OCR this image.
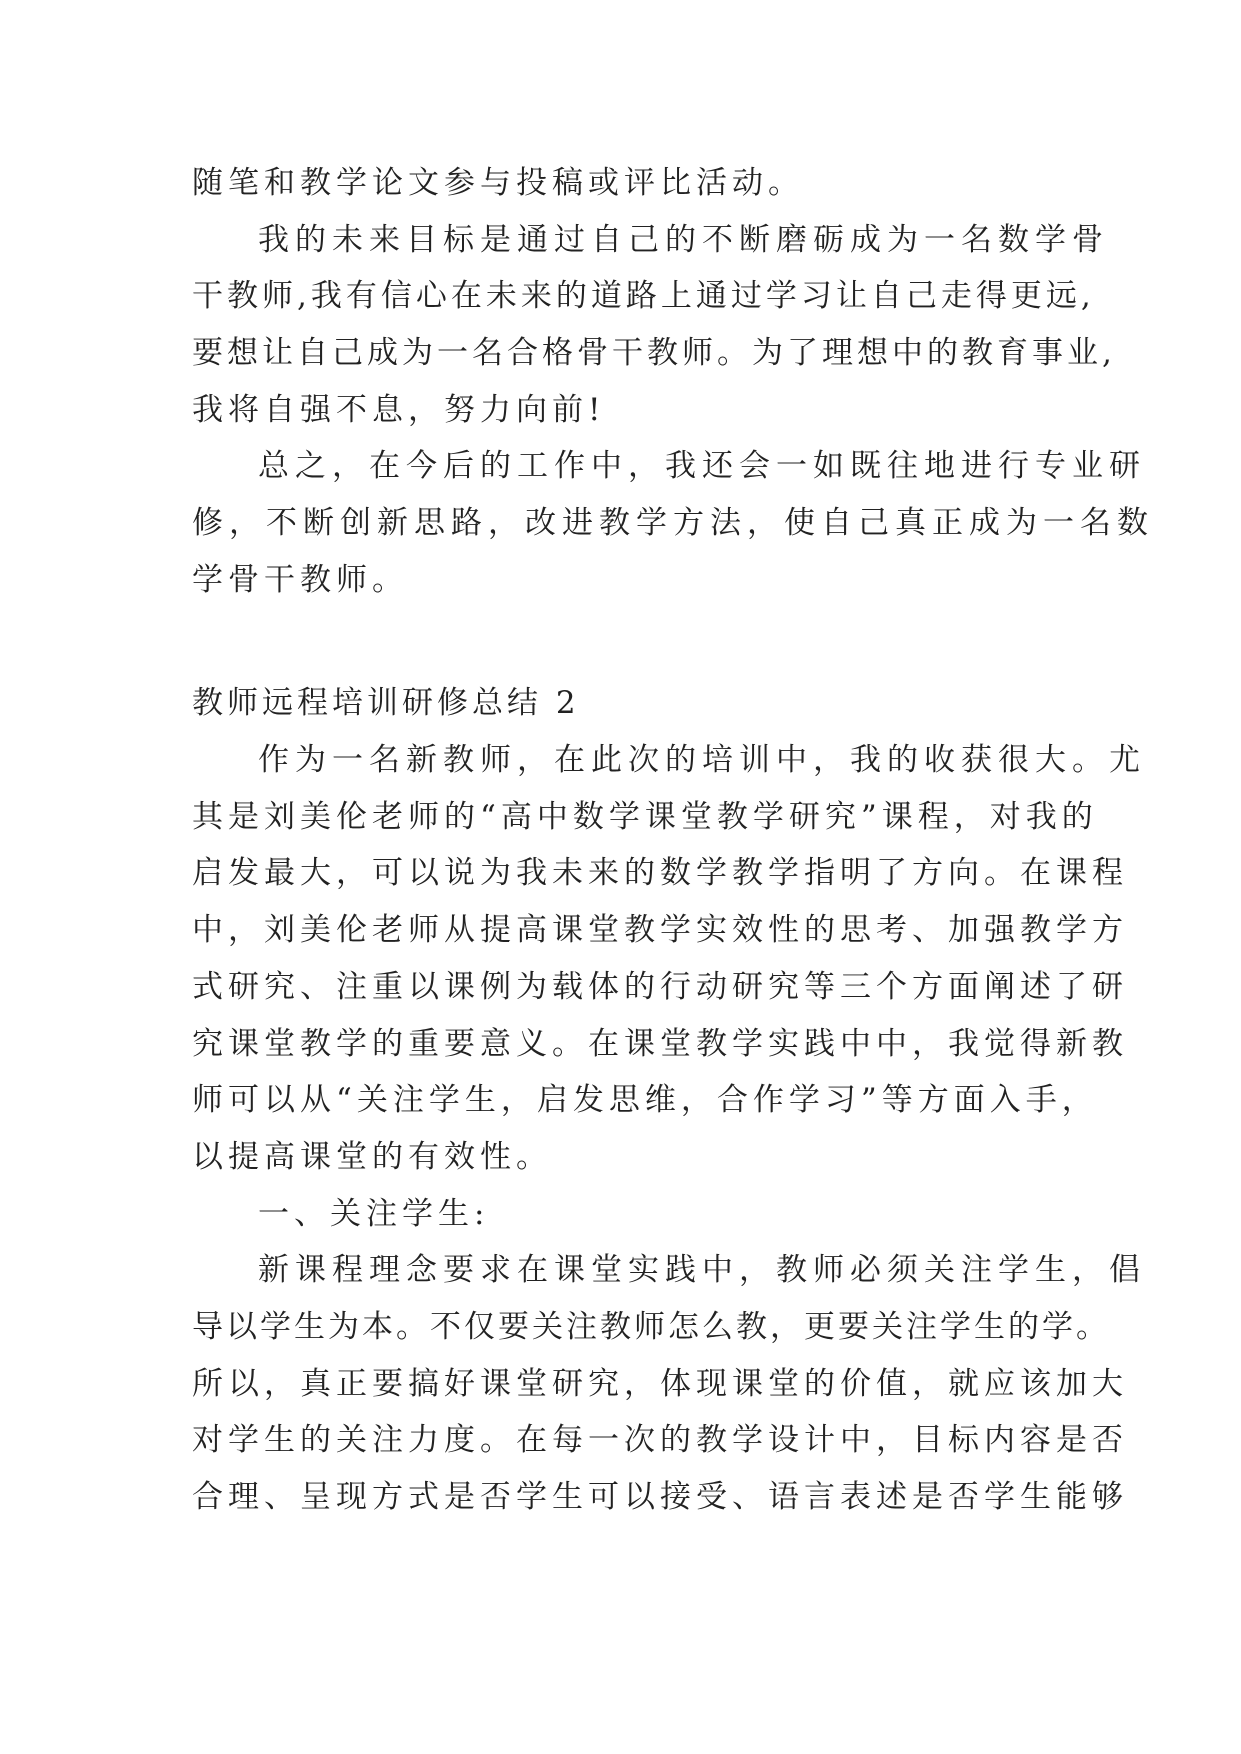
随笔和教学论文参与投稿或评比活动。
我的未来目标是通过自己的不断磨砺成为一名数学骨
干教师,我有信心在未来的道路上通过学习让自己走得更远,
要想让自己成为一名合格骨干教师。为了理想中的教育事业,
我将自强不息，努力向前!
总之，在今后的工作中，我还会一如既往地进行专业研
修，不断创新思路，改进教学方法，使自己真正成为一名数
学骨干教师。
教师远程培训研修总结 2
作为一名新教师，在此次的培训中，我的收获很大。尤
其是刘美伦老师的“高中数学课堂教学研究”课程，对我的
启发最大，可以说为我未来的数学教学指明了方向。在课程
中，刘美伦老师从提高课堂教学实效性的思考、加强教学方
式研究、注重以课例为载体的行动研究等三个方面阐述了研
究课堂教学的重要意义。在课堂教学实践中中，我觉得新教
师可以从“关注学生，启发思维，合作学习”等方面入手，
以提高课堂的有效性。
一、关注学生:
新课程理念要求在课堂实践中，教师必须关注学生，倡
导以学生为本。不仅要关注教师怎么教，更要关注学生的学。
所以，真正要搞好课堂研究，体现课堂的价值，就应该加大
对学生的关注力度。在每一次的教学设计中，目标内容是否
合理、呈现方式是否学生可以接受、语言表述是否学生能够
